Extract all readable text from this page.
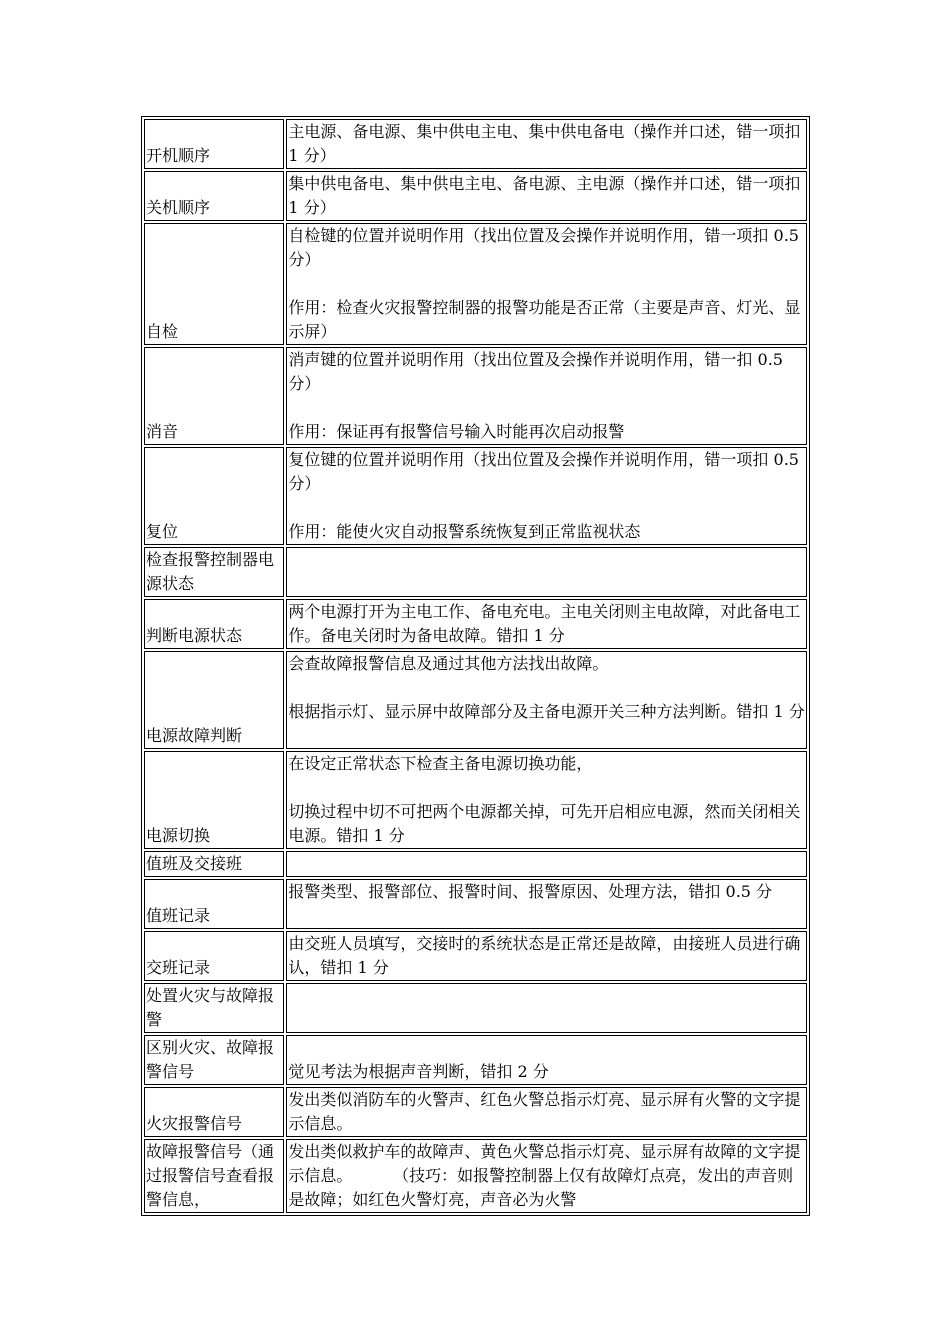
开机顺序	主电源、备电源、集中供电主电、集中供电备电（操作并口述，错一项扣 1 分）
关机顺序	集中供电备电、集中供电主电、备电源、主电源（操作并口述，错一项扣 1 分）
自检	自检键的位置并说明作用（找出位置及会操作并说明作用，错一项扣 0.5 分）

作用：检查火灾报警控制器的报警功能是否正常（主要是声音、灯光、显示屏）
消音	消声键的位置并说明作用（找出位置及会操作并说明作用，错一扣 0.5 分）

作用：保证再有报警信号输入时能再次启动报警
复位	复位键的位置并说明作用（找出位置及会操作并说明作用，错一项扣 0.5 分）

作用：能使火灾自动报警系统恢复到正常监视状态
检查报警控制器电源状态	
判断电源状态	两个电源打开为主电工作、备电充电。主电关闭则主电故障，对此备电工作。备电关闭时为备电故障。错扣 1 分
电源故障判断	会查故障报警信息及通过其他方法找出故障。

根据指示灯、显示屏中故障部分及主备电源开关三种方法判断。错扣 1 分
电源切换	在设定正常状态下检查主备电源切换功能，

切换过程中切不可把两个电源都关掉，可先开启相应电源，然而关闭相关电源。错扣 1 分
值班及交接班	
值班记录	报警类型、报警部位、报警时间、报警原因、处理方法，错扣 0.5 分
交班记录	由交班人员填写，交接时的系统状态是正常还是故障，由接班人员进行确认，错扣 1 分
处置火灾与故障报警	
区别火灾、故障报警信号	觉见考法为根据声音判断，错扣 2 分
火灾报警信号	发出类似消防车的火警声、红色火警总指示灯亮、显示屏有火警的文字提示信息。
故障报警信号（通过报警信号查看报警信息，	发出类似救护车的故障声、黄色火警总指示灯亮、显示屏有故障的文字提示信息。        （技巧：如报警控制器上仅有故障灯点亮，发出的声音则是故障；如红色火警灯亮，声音必为火警
